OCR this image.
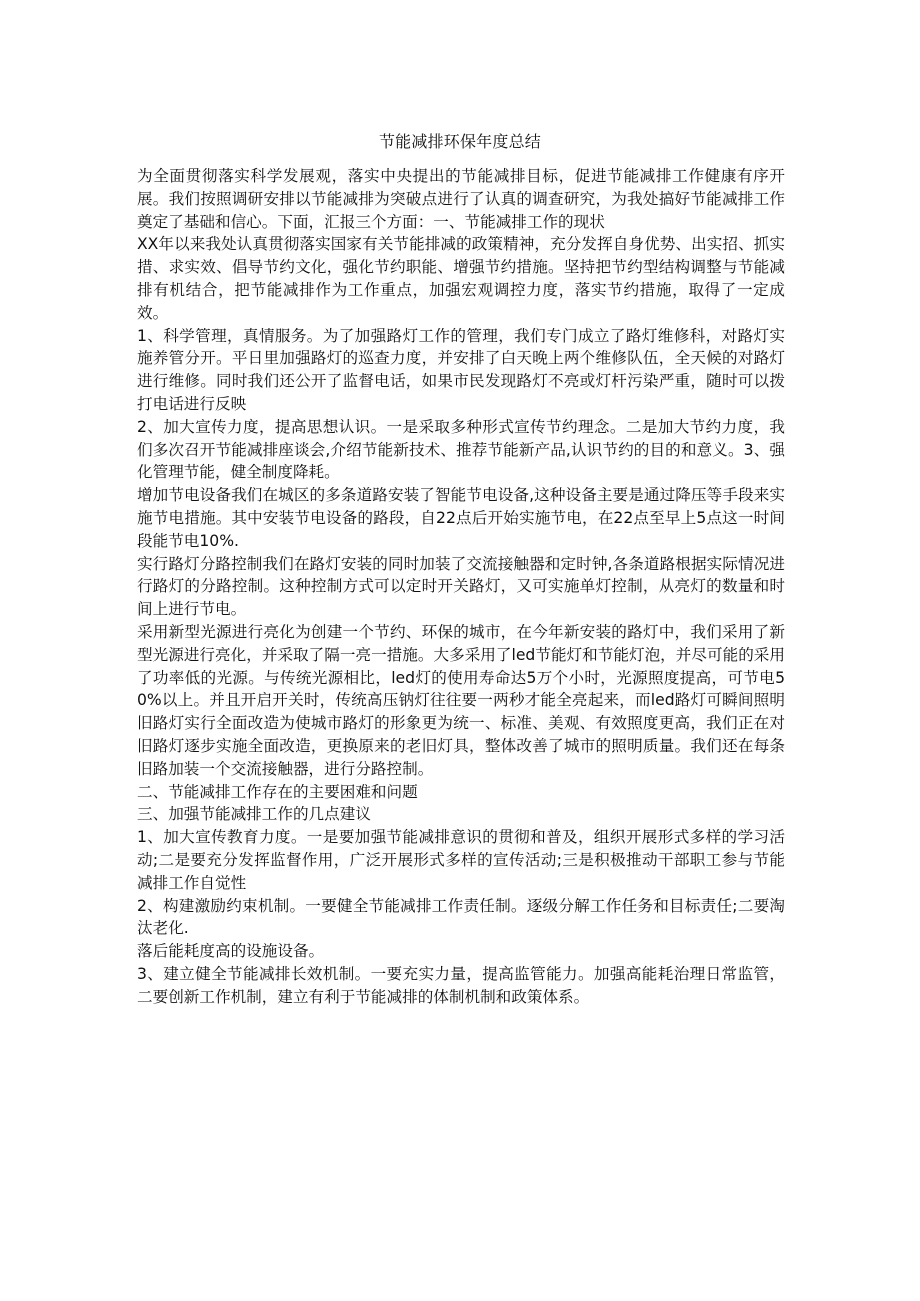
节能减排环保年度总结

为全面贯彻落实科学发展观，落实中央提出的节能减排目标，促进节能减排工作健康有序开展。我们按照调研安排以节能减排为突破点进行了认真的调查研究，为我处搞好节能减排工作奠定了基础和信心。下面，汇报三个方面：一、节能减排工作的现状

XX年以来我处认真贯彻落实国家有关节能排减的政策精神，充分发挥自身优势、出实招、抓实措、求实效、倡导节约文化，强化节约职能、增强节约措施。坚持把节约型结构调整与节能减排有机结合，把节能减排作为工作重点，加强宏观调控力度，落实节约措施，取得了一定成效。

1、科学管理，真情服务。为了加强路灯工作的管理，我们专门成立了路灯维修科，对路灯实施养管分开。平日里加强路灯的巡查力度，并安排了白天晚上两个维修队伍，全天候的对路灯进行维修。同时我们还公开了监督电话，如果市民发现路灯不亮或灯杆污染严重，随时可以拨打电话进行反映

2、加大宣传力度，提高思想认识。一是采取多种形式宣传节约理念。二是加大节约力度，我们多次召开节能减排座谈会,介绍节能新技术、推荐节能新产品,认识节约的目的和意义。3、强化管理节能，健全制度降耗。

增加节电设备我们在城区的多条道路安装了智能节电设备,这种设备主要是通过降压等手段来实施节电措施。其中安装节电设备的路段，自22点后开始实施节电，在22点至早上5点这一时间段能节电10%.

实行路灯分路控制我们在路灯安装的同时加装了交流接触器和定时钟,各条道路根据实际情况进行路灯的分路控制。这种控制方式可以定时开关路灯，又可实施单灯控制，从亮灯的数量和时间上进行节电。

采用新型光源进行亮化为创建一个节约、环保的城市，在今年新安装的路灯中，我们采用了新型光源进行亮化，并采取了隔一亮一措施。大多采用了led节能灯和节能灯泡，并尽可能的采用了功率低的光源。与传统光源相比，led灯的使用寿命达5万个小时，光源照度提高，可节电50%以上。并且开启开关时，传统高压钠灯往往要一两秒才能全亮起来，而led路灯可瞬间照明旧路灯实行全面改造为使城市路灯的形象更为统一、标准、美观、有效照度更高，我们正在对旧路灯逐步实施全面改造，更换原来的老旧灯具，整体改善了城市的照明质量。我们还在每条旧路加装一个交流接触器，进行分路控制。

二、节能减排工作存在的主要困难和问题

三、加强节能减排工作的几点建议

1、加大宣传教育力度。一是要加强节能减排意识的贯彻和普及，组织开展形式多样的学习活动;二是要充分发挥监督作用，广泛开展形式多样的宣传活动;三是积极推动干部职工参与节能减排工作自觉性

2、构建激励约束机制。一要健全节能减排工作责任制。逐级分解工作任务和目标责任;二要淘汰老化.

落后能耗度高的设施设备。

3、建立健全节能减排长效机制。一要充实力量，提高监管能力。加强高能耗治理日常监管，二要创新工作机制，建立有利于节能减排的体制机制和政策体系。
